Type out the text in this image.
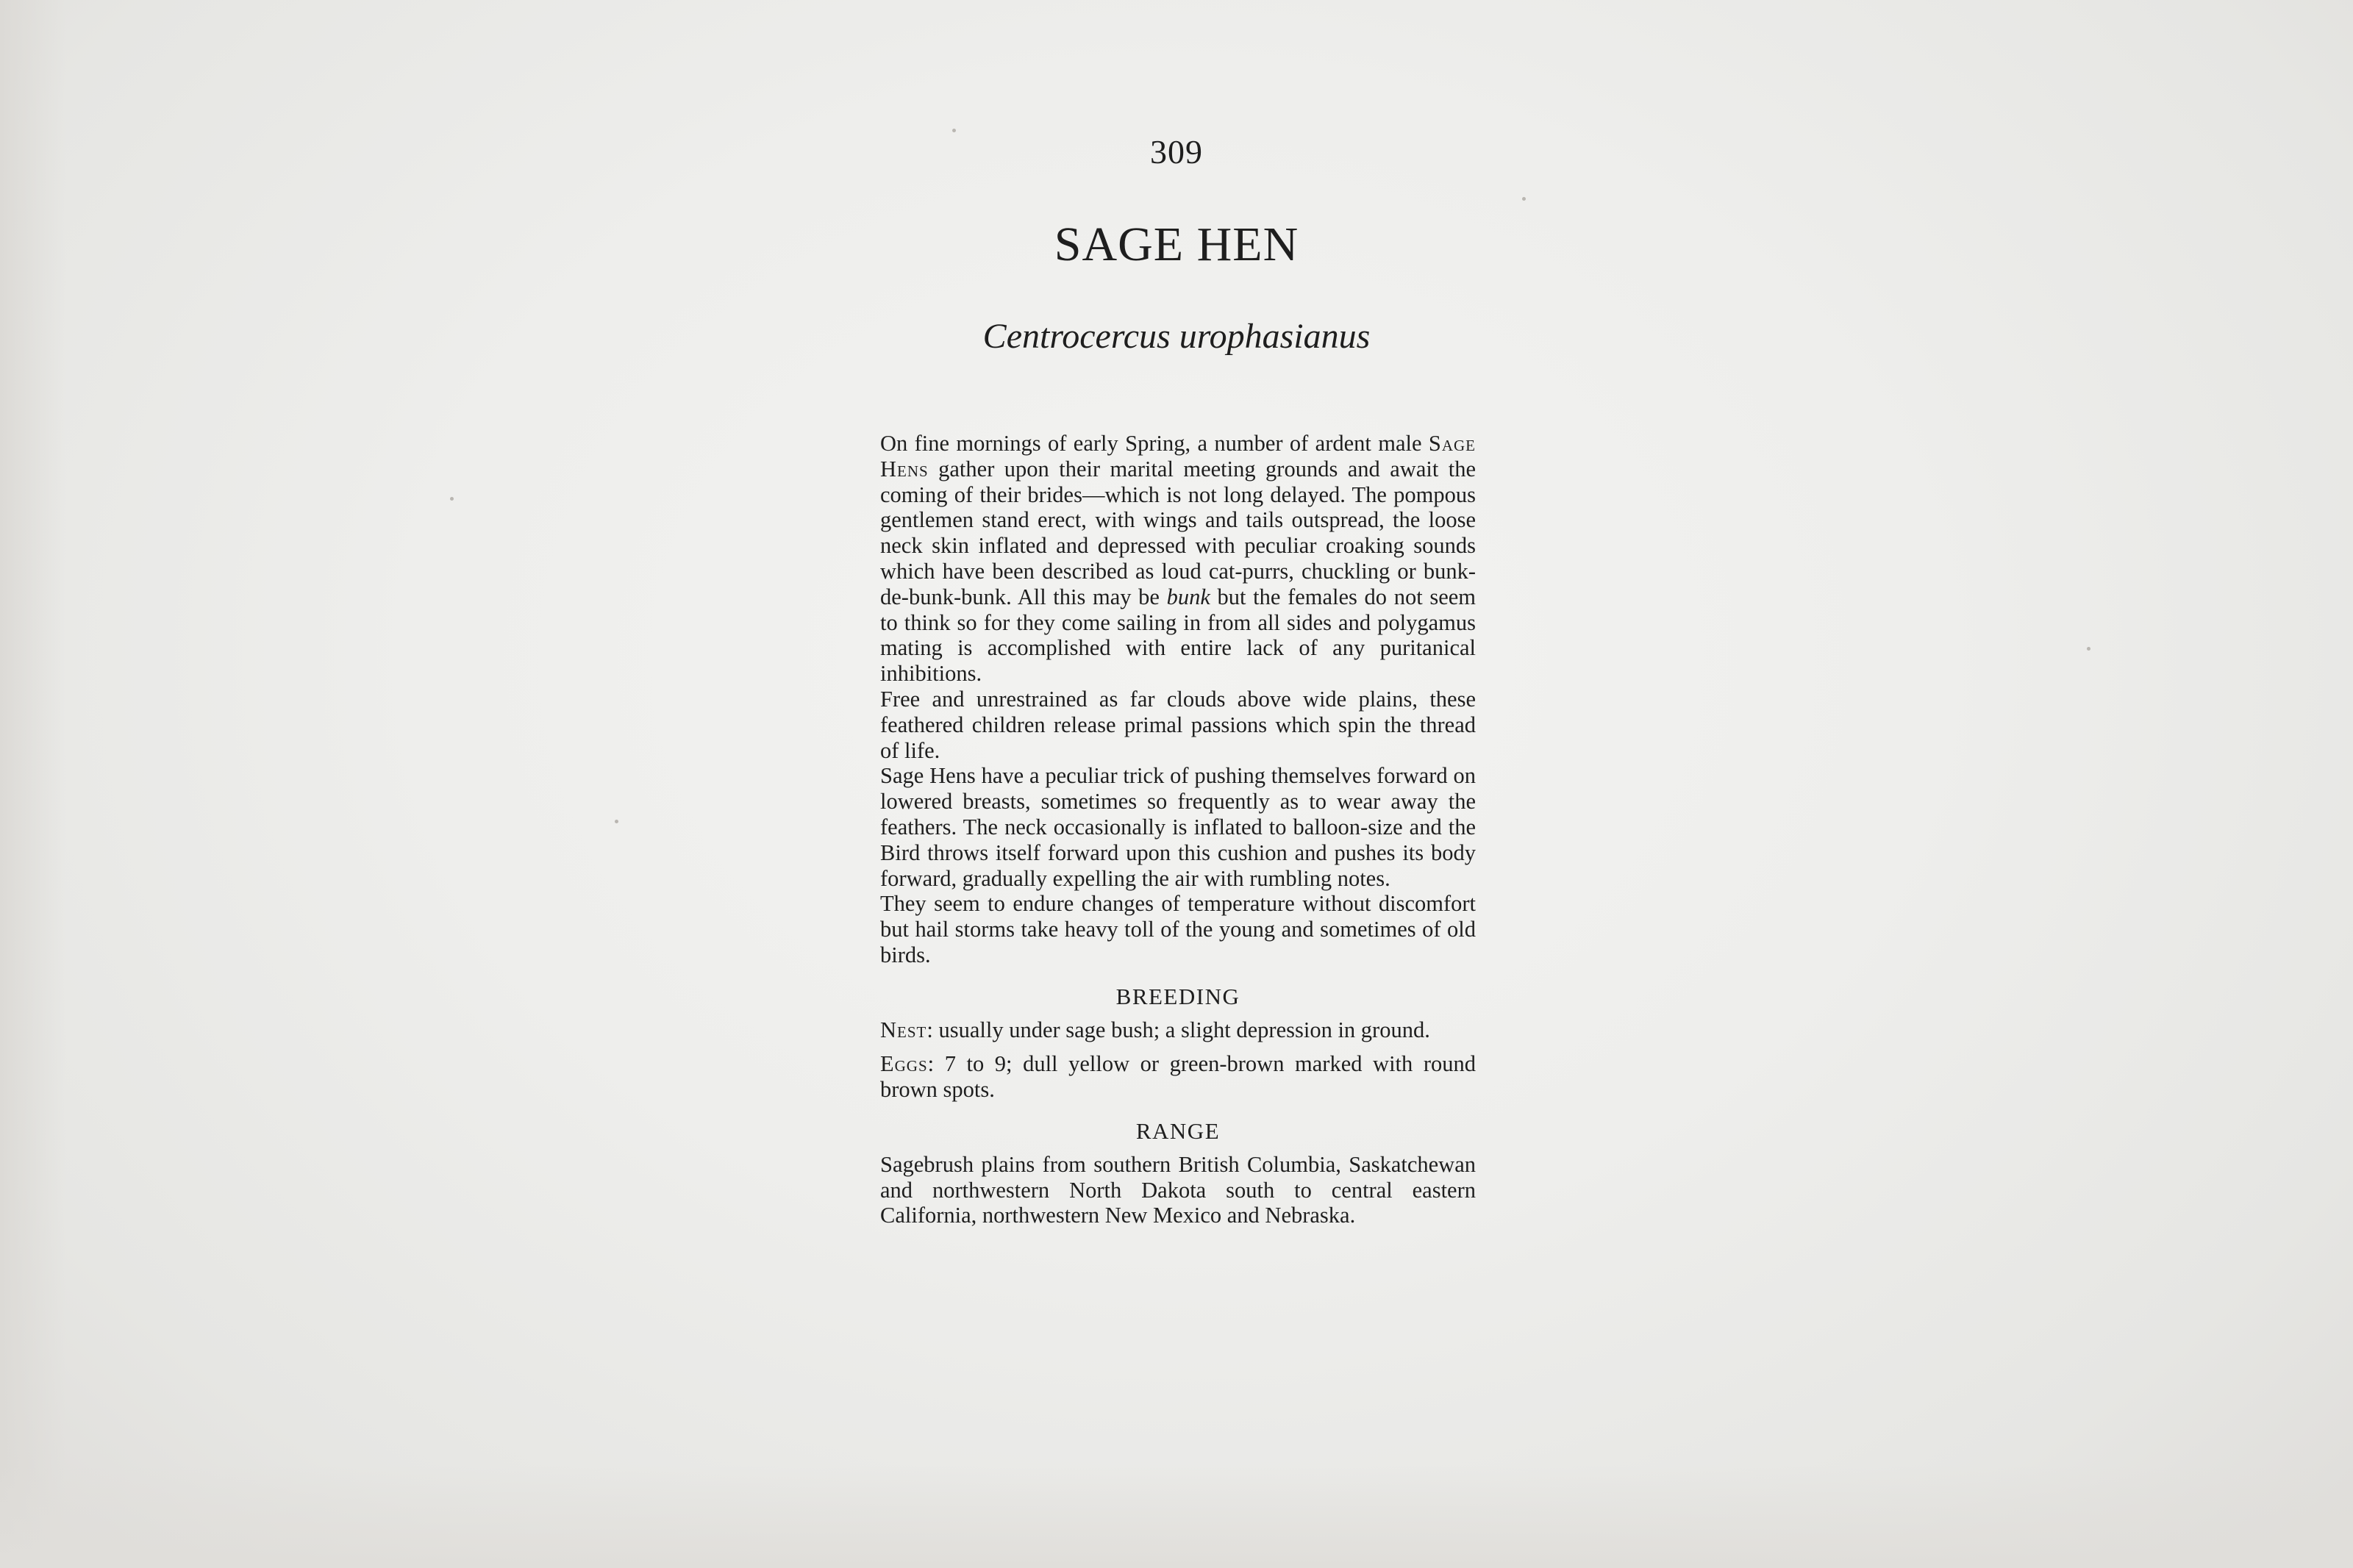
309
SAGE HEN
Centrocercus urophasianus

On fine mornings of early Spring, a number of ardent male Sage Hens gather upon their marital meeting grounds and await the coming of their brides—which is not long delayed. The pompous gentlemen stand erect, with wings and tails outspread, the loose neck skin inflated and depressed with peculiar croaking sounds which have been described as loud cat-purrs, chuckling or bunk-de-bunk-bunk. All this may be bunk but the females do not seem to think so for they come sailing in from all sides and polygamus mating is accomplished with entire lack of any puritanical inhibitions.

Free and unrestrained as far clouds above wide plains, these feathered children release primal passions which spin the thread of life.

Sage Hens have a peculiar trick of pushing themselves forward on lowered breasts, sometimes so frequently as to wear away the feathers. The neck occasionally is inflated to balloon-size and the Bird throws itself forward upon this cushion and pushes its body forward, gradually expelling the air with rumbling notes.

They seem to endure changes of temperature without discomfort but hail storms take heavy toll of the young and sometimes of old birds.

BREEDING

Nest: usually under sage bush; a slight depression in ground.

Eggs: 7 to 9; dull yellow or green-brown marked with round brown spots.

RANGE

Sagebrush plains from southern British Columbia, Saskatchewan and northwestern North Dakota south to central eastern California, northwestern New Mexico and Nebraska.
